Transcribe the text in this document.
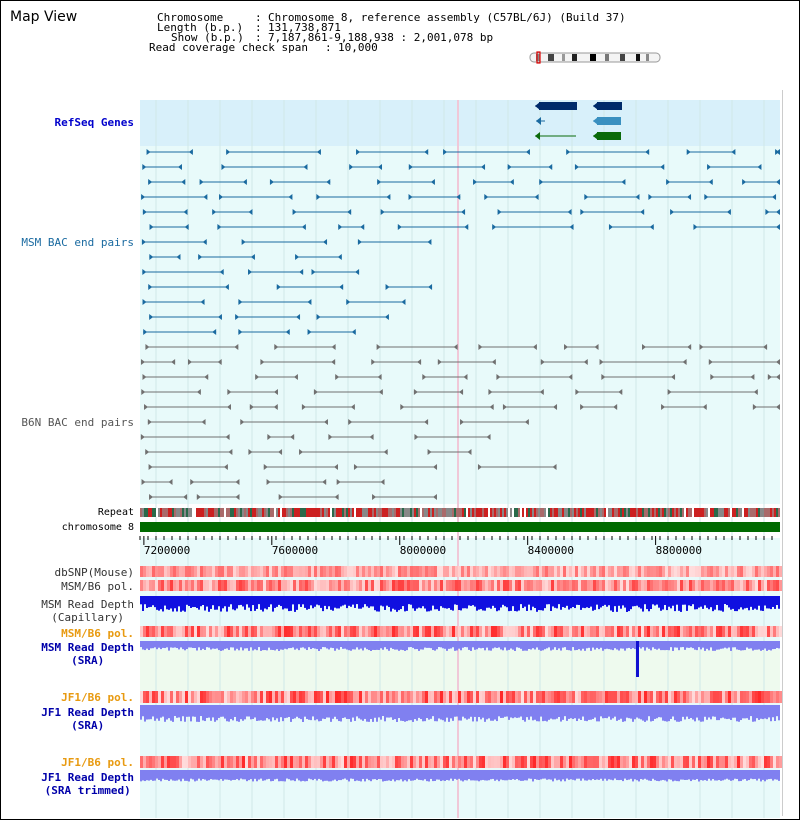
Map View	Chromosome	: Chromosome 8, reference assembly (C57BL/6J) (Build 37)
Length (b.p.) : 131,738,871
Show (b.p.) : 7,187,861-9,188,938 : 2,001,078 bp
Read coverage check span : 10,000
7200000	7600000	8000000	8400000	8800000
RefSeq Genes
MSM BAC end pairs
B6N BAC end pairs
Repeat
chromosome 8
dbSNP(Mouse)
MSM/B6 pol.
MSM Read Depth
(Capillary)
MSM/B6 pol.
MSM Read Depth
(SRA)
JF1/B6 pol.
JF1 Read Depth
(SRA)
JF1/B6 pol.
JF1 Read Depth
(SRA trimmed)
